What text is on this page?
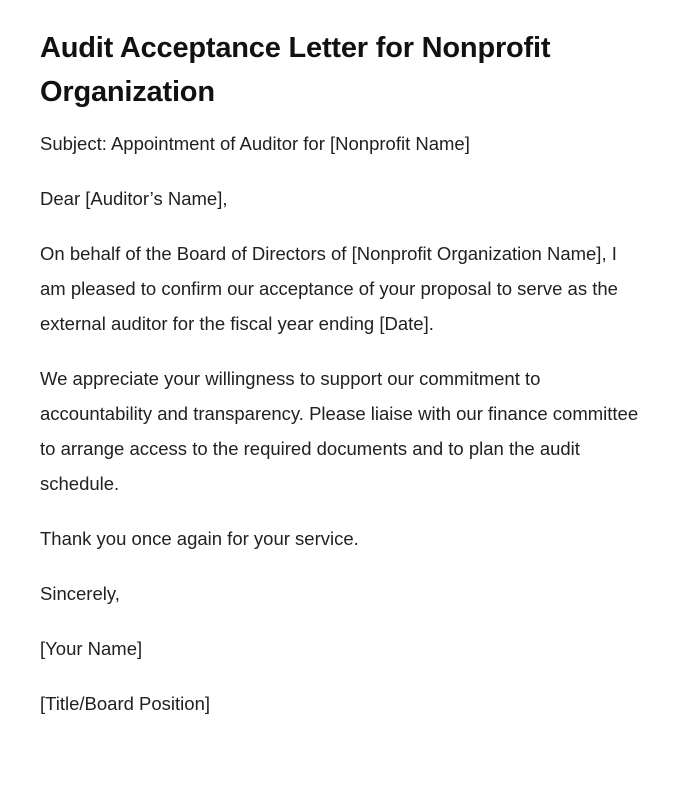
Audit Acceptance Letter for Nonprofit Organization

Subject: Appointment of Auditor for [Nonprofit Name]

Dear [Auditor’s Name],

On behalf of the Board of Directors of [Nonprofit Organization Name], I am pleased to confirm our acceptance of your proposal to serve as the external auditor for the fiscal year ending [Date].

We appreciate your willingness to support our commitment to accountability and transparency. Please liaise with our finance committee to arrange access to the required documents and to plan the audit schedule.

Thank you once again for your service.

Sincerely,

[Your Name]

[Title/Board Position]
